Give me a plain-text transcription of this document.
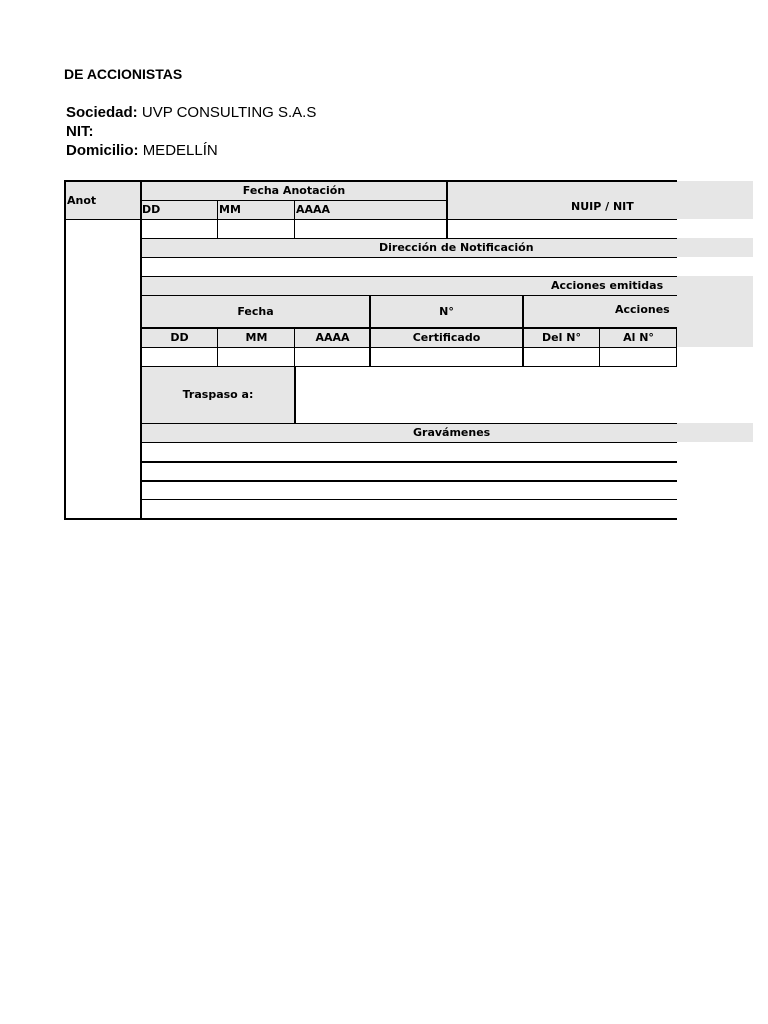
DE ACCIONISTAS
Sociedad: UVP CONSULTING S.A.S
NIT:
Domicilio: MEDELLÍN
Anot
Fecha Anotación
DD	MM	AAAA	NUIP / NIT
Dirección de Notificación
Acciones emitidas
Fecha	N°	Acciones
DD	MM	AAAA	Certificado	Del N°	Al N°
Traspaso a:
Gravámenes
